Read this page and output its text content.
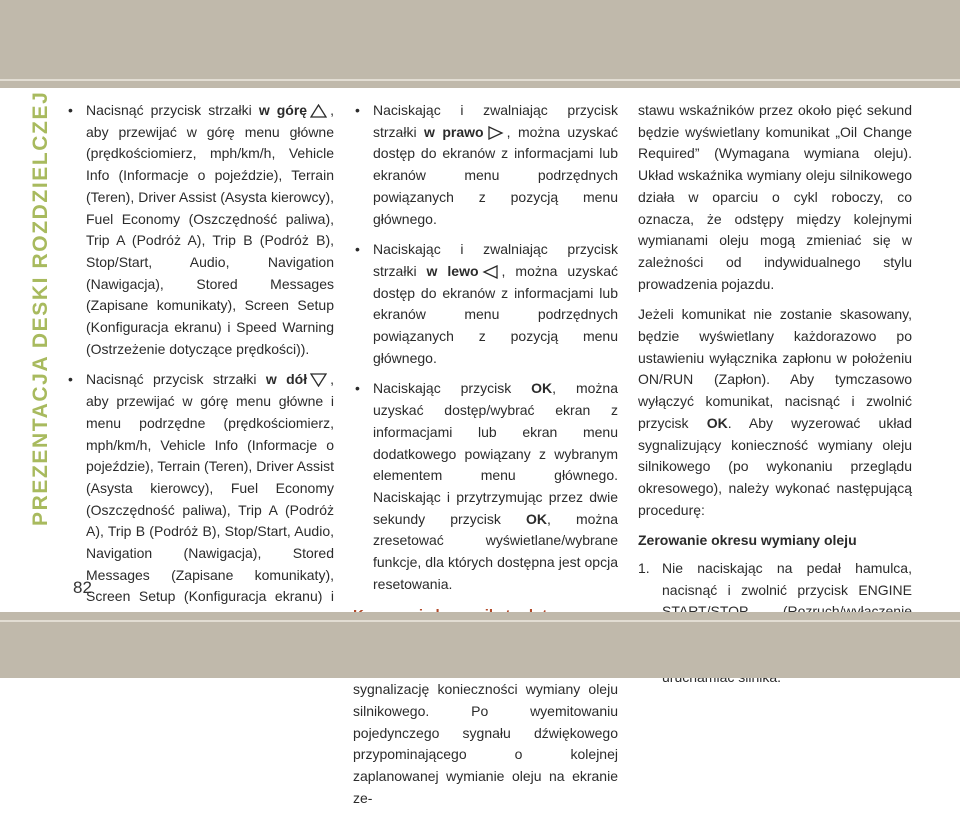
PREZENTACJA DESKI ROZDZIELCZEJ
•	Nacisnąć przycisk strzałki w górę , aby przewijać w górę menu główne (prędkościomierz, mph/km/h, Vehicle Info (Informacje o pojeździe), Terrain (Teren), Driver Assist (Asysta kierowcy), Fuel Economy (Oszczędność paliwa), Trip A (Podróż A), Trip B (Podróż B), Stop/Start, Audio, Navigation (Nawigacja), Stored Messages (Zapisane komunikaty), Screen Setup (Konfiguracja ekranu) i Speed Warning (Ostrzeżenie dotyczące prędkości)).
• Nacisnąć przycisk strzałki w dół , aby przewijać w górę menu główne i menu podrzędne (prędkościomierz, mph/km/h, Vehicle Info (Informacje o pojeździe), Terrain (Teren), Driver Assist (Asysta kierowcy), Fuel Economy (Oszczędność paliwa), Trip A (Podróż A), Trip B (Podróż B), Stop/Start, Audio, Navigation (Nawigacja), Stored Messages (Zapisane komunikaty), Screen Setup (Konfiguracja ekranu) i
• Naciskając i zwalniając przycisk strzałki w prawo , można uzyskać dostęp do ekranów z informacjami lub ekranów menu podrzędnych powiązanych z pozycją menu głównego.
• Naciskając i zwalniając przycisk strzałki w lewo , można uzyskać dostęp do ekranów z informacjami lub ekranów menu podrzędnych powiązanych z pozycją menu głównego.
• Naciskając przycisk OK, można uzyskać dostęp/wybrać ekran z informacjami lub ekran menu dodatkowego powiązany z wybranym elementem menu głównego. Naciskając i przytrzymując przez dwie sekundy przycisk OK, można zresetować wyświetlane/wybrane funkcje, dla których dostępna jest opcja resetowania.

sygnalizację konieczności wymiany oleju silnikowego. Po wyemitowaniu pojedynczego sygnału dźwiękowego przypominającego o kolejnej zaplanowanej wymianie oleju na ekranie ze-

stawu wskaźników przez około pięć sekund będzie wyświetlany komunikat „Oil Change Required” (Wymagana wymiana oleju). Układ wskaźnika wymiany oleju silnikowego działa w oparciu o cykl roboczy, co oznacza, że odstępy między kolejnymi wymianami oleju mogą zmieniać się w zależności od indywidualnego stylu prowadzenia pojazdu.

Jeżeli komunikat nie zostanie skasowany, będzie wyświetlany każdorazowo po ustawieniu wyłącznika zapłonu w położeniu ON/RUN (Zapłon). Aby tymczasowo wyłączyć komunikat, nacisnąć i zwolnić przycisk OK. Aby wyzerować układ sygnalizujący konieczność wymiany oleju silnikowego (po wykonaniu przeglądu okresowego), należy wykonać następującą procedurę:

Zerowanie okresu wymiany oleju

1. Nie naciskając na pedał hamulca, nacisnąć i zwolnić przycisk ENGINE
82
